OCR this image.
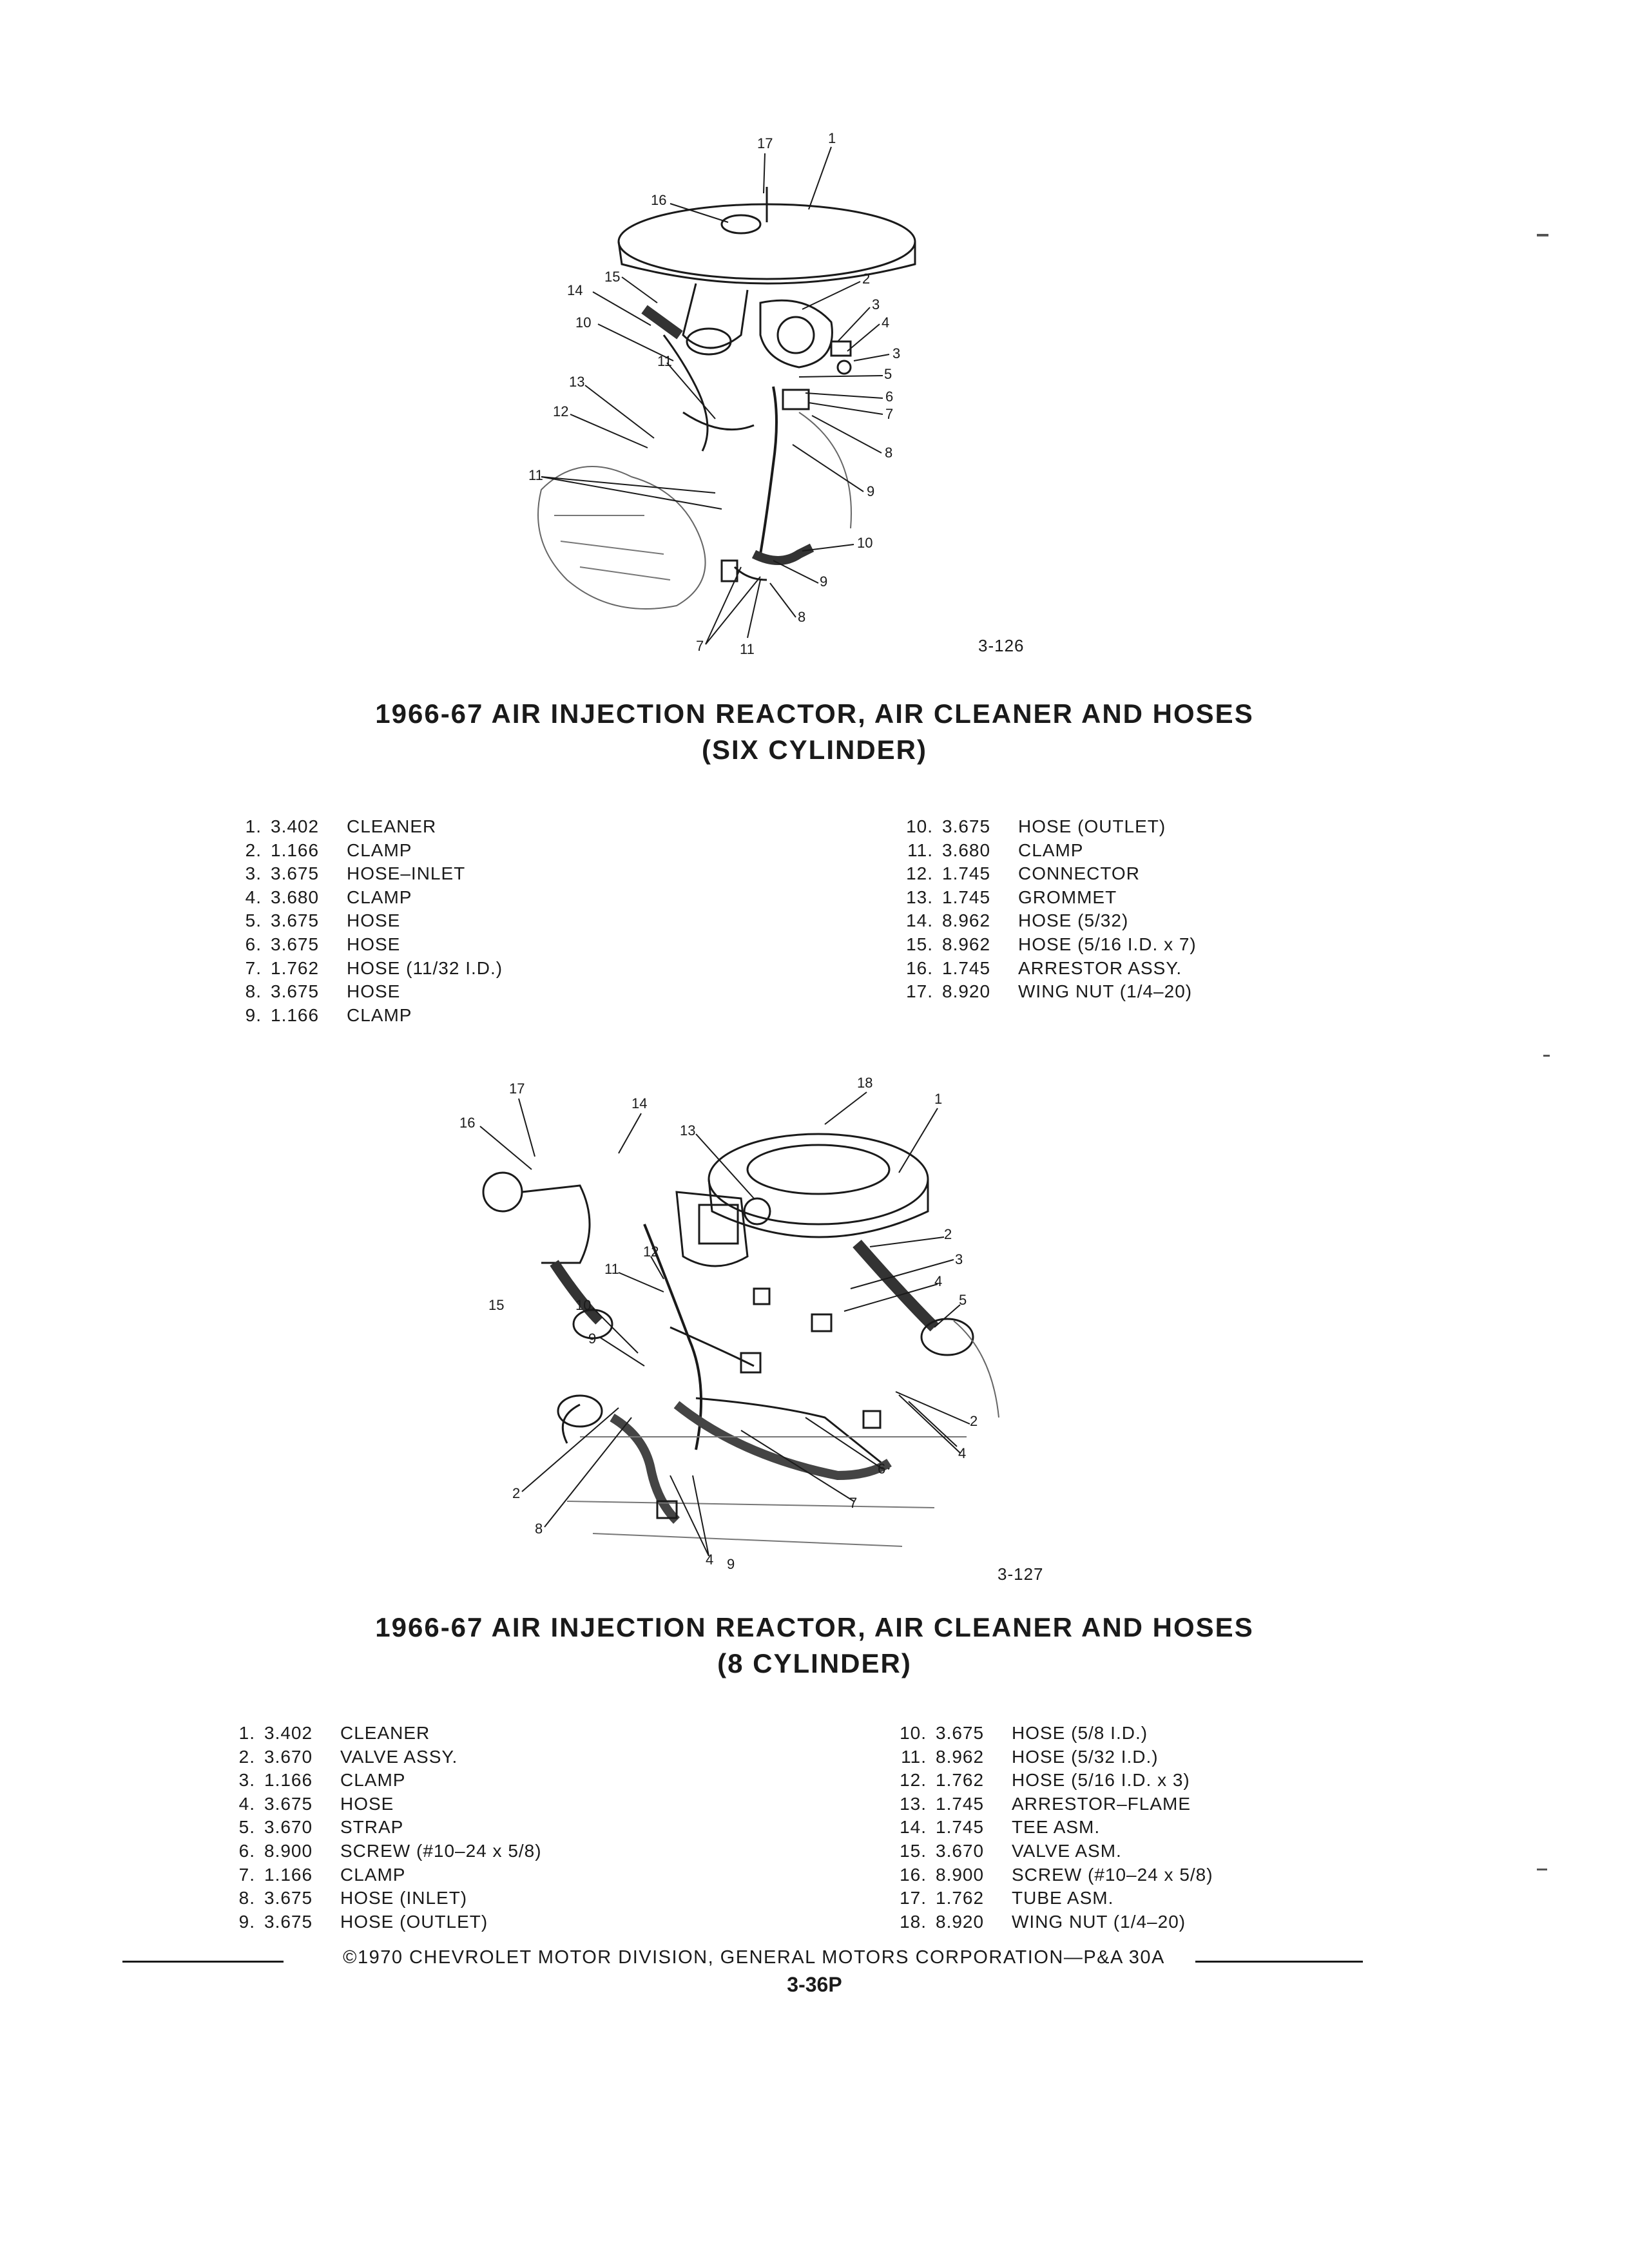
17	1
16
15
14
10
2
3
4
3
5
6
7
8
9
11
13
12
11
10
9
8
7	11	3-126
1966-67 AIR INJECTION REACTOR, AIR CLEANER AND HOSES
(SIX CYLINDER)
1. 3.402	CLEANER
2. 1.166	CLAMP
3. 3.675	HOSE–INLET
4. 3.680	CLAMP
5. 3.675	HOSE
6. 3.675	HOSE
7. 1.762	HOSE (11/32 I.D.)
8. 3.675	HOSE
9. 1.166	CLAMP
10. 3.675	HOSE (OUTLET)
11. 3.680	CLAMP
12. 1.745	CONNECTOR
13. 1.745	GROMMET
14. 8.962	HOSE (5/32)
15. 8.962	HOSE (5/16 I.D. x 7)
16. 1.745	ARRESTOR ASSY.
17. 8.920	WING NUT (1/4–20)
17
14
18
1
16	13
2
3
12
11
4
5
15	10
9
2
4
6
7
2
8
4 9
3-127
1966-67 AIR INJECTION REACTOR, AIR CLEANER AND HOSES
(8 CYLINDER)
1. 3.402	CLEANER
2. 3.670	VALVE ASSY.
3. 1.166	CLAMP
4. 3.675	HOSE
5. 3.670	STRAP
6. 8.900	SCREW (#10–24 x 5/8)
7. 1.166	CLAMP
8. 3.675	HOSE (INLET)
9. 3.675	HOSE (OUTLET)
10. 3.675	HOSE (5/8 I.D.)
11. 8.962	HOSE (5/32 I.D.)
12. 1.762	HOSE (5/16 I.D. x 3)
13. 1.745	ARRESTOR–FLAME
14. 1.745	TEE ASM.
15. 3.670	VALVE ASM.
16. 8.900	SCREW (#10–24 x 5/8)
17. 1.762	TUBE ASM.
18. 8.920	WING NUT (1/4–20)
©1970 CHEVROLET MOTOR DIVISION, GENERAL MOTORS CORPORATION—P&A 30A
3-36P
